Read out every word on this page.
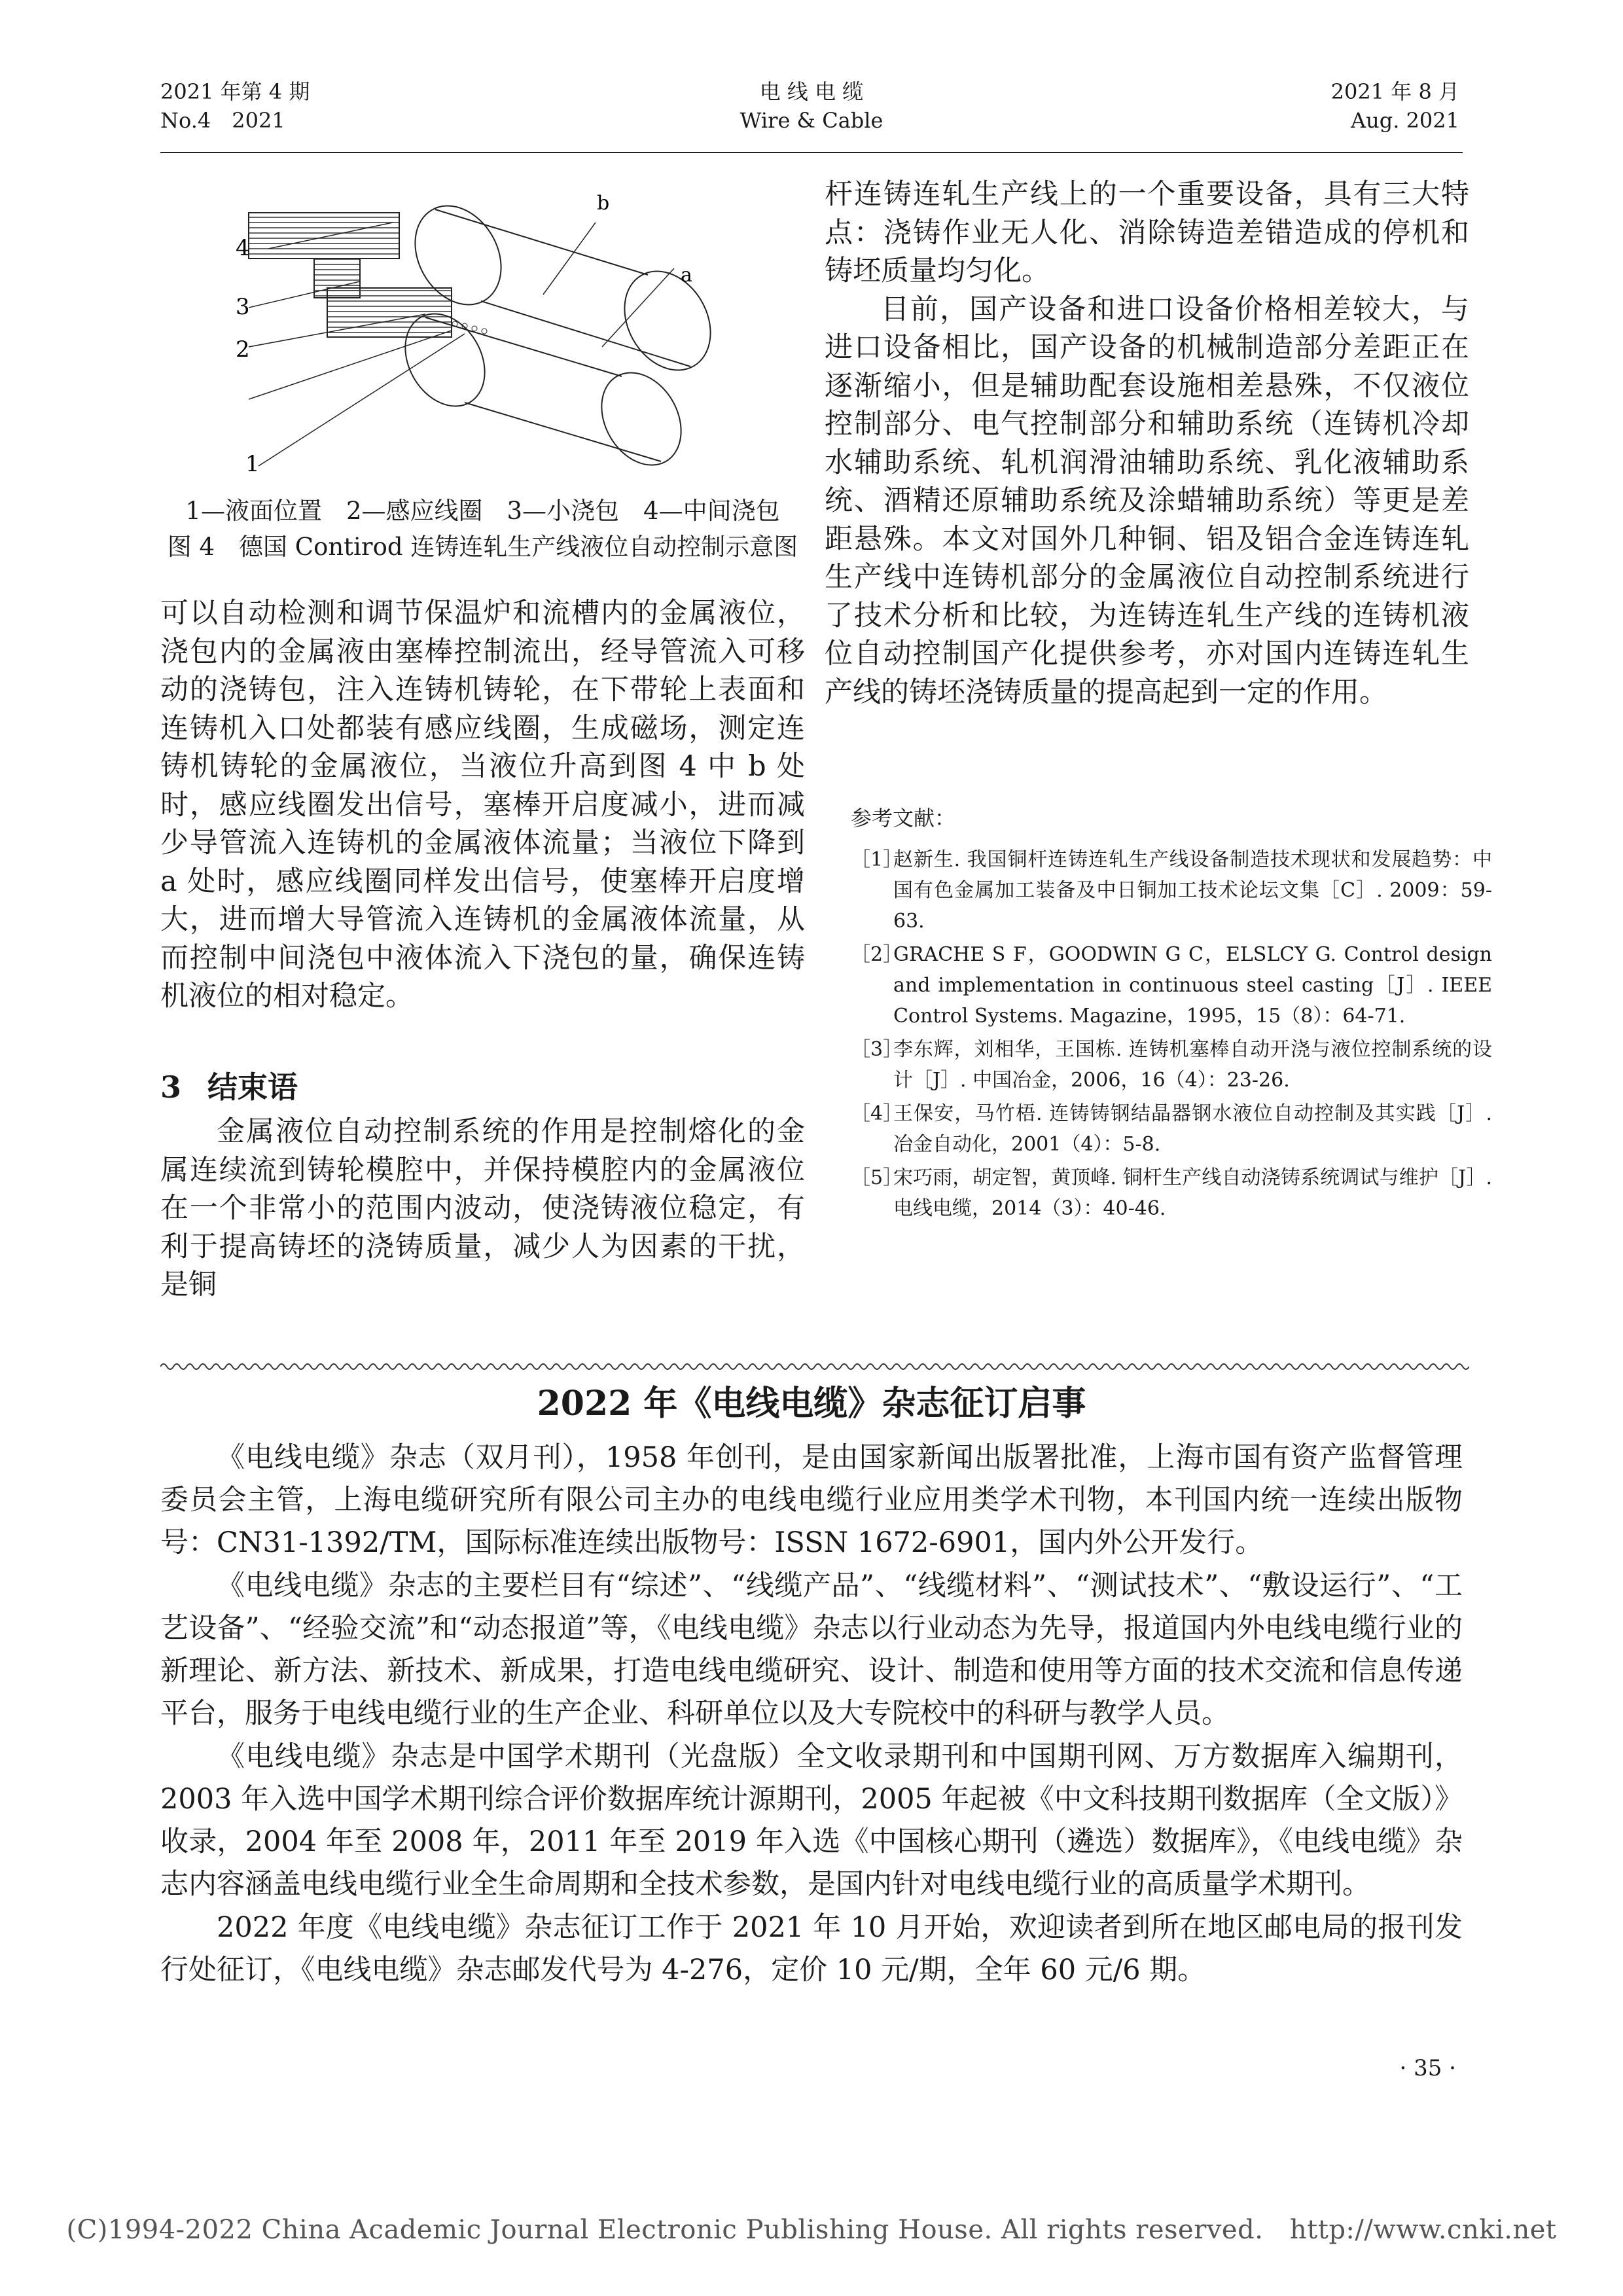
2021 年第 4 期
No.4　2021
电 线 电 缆
Wire & Cable
2021 年 8 月
Aug. 2021
4
3
2
1
b
a
1—液面位置　2—感应线圈　3—小浇包　4—中间浇包
图 4　德国 Contirod 连铸连轧生产线液位自动控制示意图

可以自动检测和调节保温炉和流槽内的金属液位，浇包内的金属液由塞棒控制流出，经导管流入可移动的浇铸包，注入连铸机铸轮，在下带轮上表面和连铸机入口处都装有感应线圈，生成磁场，测定连铸机铸轮的金属液位，当液位升高到图 4 中 b 处时，感应线圈发出信号，塞棒开启度减小，进而减少导管流入连铸机的金属液体流量；当液位下降到 a 处时，感应线圈同样发出信号，使塞棒开启度增大，进而增大导管流入连铸机的金属液体流量，从而控制中间浇包中液体流入下浇包的量，确保连铸机液位的相对稳定。

3 结束语

金属液位自动控制系统的作用是控制熔化的金属连续流到铸轮模腔中，并保持模腔内的金属液位在一个非常小的范围内波动，使浇铸液位稳定，有利于提高铸坯的浇铸质量，减少人为因素的干扰，是铜

杆连铸连轧生产线上的一个重要设备，具有三大特点：浇铸作业无人化、消除铸造差错造成的停机和铸坯质量均匀化。

目前，国产设备和进口设备价格相差较大，与进口设备相比，国产设备的机械制造部分差距正在逐渐缩小，但是辅助配套设施相差悬殊，不仅液位控制部分、电气控制部分和辅助系统（连铸机冷却水辅助系统、轧机润滑油辅助系统、乳化液辅助系统、酒精还原辅助系统及涂蜡辅助系统）等更是差距悬殊。本文对国外几种铜、铝及铝合金连铸连轧生产线中连铸机部分的金属液位自动控制系统进行了技术分析和比较，为连铸连轧生产线的连铸机液位自动控制国产化提供参考，亦对国内连铸连轧生产线的铸坯浇铸质量的提高起到一定的作用。

参考文献：
［1］
赵新生. 我国铜杆连铸连轧生产线设备制造技术现状和发展趋势：中国有色金属加工装备及中日铜加工技术论坛文集［C］. 2009：59-63.
［2］
GRACHE S F，GOODWIN G C，ELSLCY G. Control design and implementation in continuous steel casting［J］. IEEE Control Systems. Magazine，1995，15（8）：64-71.
［3］
李东辉，刘相华，王国栋. 连铸机塞棒自动开浇与液位控制系统的设计［J］. 中国冶金，2006，16（4）：23-26.
［4］
王保安，马竹梧. 连铸铸钢结晶器钢水液位自动控制及其实践［J］. 冶金自动化，2001（4）：5-8.
［5］
宋巧雨，胡定智，黄顶峰. 铜杆生产线自动浇铸系统调试与维护［J］. 电线电缆，2014（3）：40-46.
2022 年《电线电缆》杂志征订启事

《电线电缆》杂志（双月刊），1958 年创刊，是由国家新闻出版署批准，上海市国有资产监督管理委员会主管，上海电缆研究所有限公司主办的电线电缆行业应用类学术刊物，本刊国内统一连续出版物号：CN31-1392/TM，国际标准连续出版物号：ISSN 1672-6901，国内外公开发行。

《电线电缆》杂志的主要栏目有“综述”、“线缆产品”、“线缆材料”、“测试技术”、“敷设运行”、“工艺设备”、“经验交流”和“动态报道”等，《电线电缆》杂志以行业动态为先导，报道国内外电线电缆行业的新理论、新方法、新技术、新成果，打造电线电缆研究、设计、制造和使用等方面的技术交流和信息传递平台，服务于电线电缆行业的生产企业、科研单位以及大专院校中的科研与教学人员。

《电线电缆》杂志是中国学术期刊（光盘版）全文收录期刊和中国期刊网、万方数据库入编期刊，2003 年入选中国学术期刊综合评价数据库统计源期刊，2005 年起被《中文科技期刊数据库（全文版）》收录，2004 年至 2008 年，2011 年至 2019 年入选《中国核心期刊（遴选）数据库》，《电线电缆》杂志内容涵盖电线电缆行业全生命周期和全技术参数，是国内针对电线电缆行业的高质量学术期刊。

2022 年度《电线电缆》杂志征订工作于 2021 年 10 月开始，欢迎读者到所在地区邮电局的报刊发行处征订，《电线电缆》杂志邮发代号为 4-276，定价 10 元/期，全年 60 元/6 期。

· 35 ·
(C)1994-2022 China Academic Journal Electronic Publishing House. All rights reserved.　http://www.cnki.net
